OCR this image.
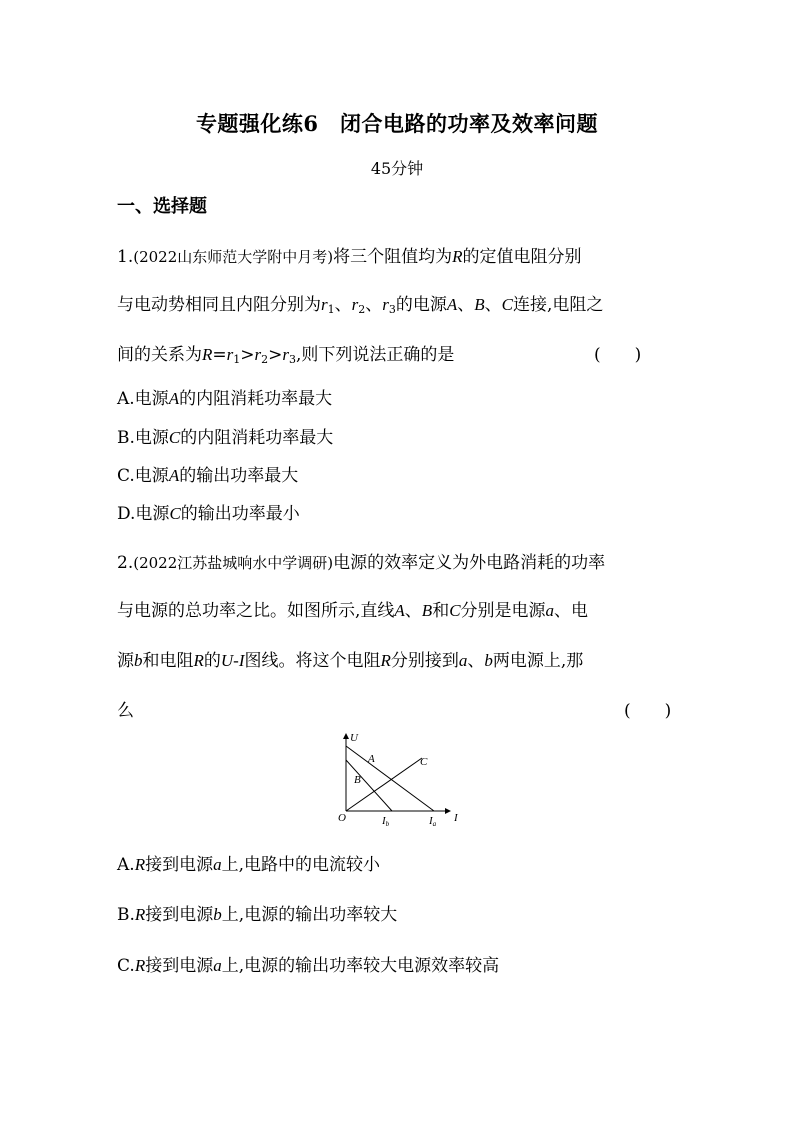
专题强化练6　闭合电路的功率及效率问题
45分钟
一、选择题
1.(2022山东师范大学附中月考)将三个阻值均为R的定值电阻分别
与电动势相同且内阻分别为$r_1$、$r_2$、$r_3$的电源A、B、C连接,电阻之
间的关系为$R=r_1>r_2>r_3$,则下列说法正确的是	(　　)
A.电源A的内阻消耗功率最大
B.电源C的内阻消耗功率最大
C.电源A的输出功率最大
D.电源C的输出功率最小
2.(2022江苏盐城响水中学调研)电源的效率定义为外电路消耗的功率
与电源的总功率之比。如图所示,直线A、B和C分别是电源a、电
源b和电阻R的U-I图线。将这个电阻R分别接到a、b两电源上,那
么	(　　)
U
I
O
A
B
C
Ib	Ia
A.R接到电源a上,电路中的电流较小
B.R接到电源b上,电源的输出功率较大
C.R接到电源a上,电源的输出功率较大电源效率较高
